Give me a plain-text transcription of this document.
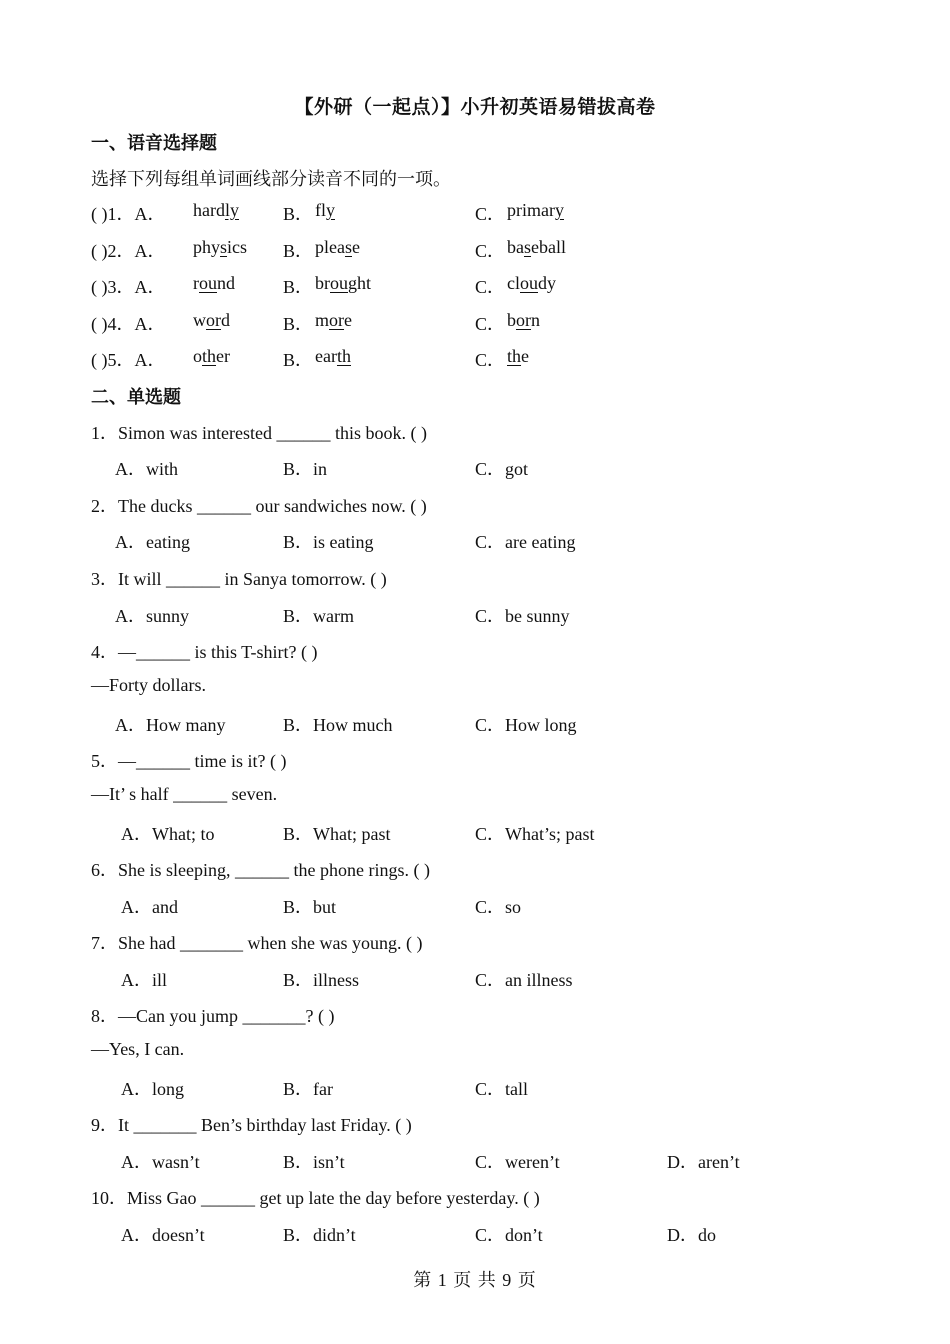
【外研（一起点）】小升初英语易错拔高卷
一、语音选择题
选择下列每组单词画线部分读音不同的一项。
( )1．A． hardly B． fly	C． primary
( )2．A． physics B． please	C． baseball
( )3．A． round	B． brought	C． cloudy
( )4．A． word	B． more	C． born
( )5．A． other	B． earth	C． the
二、单选题
1．Simon was interested ______ this book. ( )
A．with	B．in	C．got
2．The ducks ______ our sandwiches now. ( )
A．eating	B．is eating	C．are eating
3．It will ______ in Sanya tomorrow. ( )
A．sunny	B．warm	C．be sunny
4．—______ is this T-shirt? ( )
—Forty dollars.
A．How many	B．How much	C．How long
5．—______ time is it? ( )
—It’ s half ______ seven.
A．What; to	B．What; past	C．What’s; past
6．She is sleeping, ______ the phone rings. ( )
A．and	B．but	C．so
7．She had _______ when she was young. ( )
A．ill	B．illness	C．an illness
8．—Can you jump _______? ( )
—Yes, I can.
A．long	B．far	C．tall
9．It _______ Ben’s birthday last Friday. ( )
A．wasn’t	B．isn’t	C．weren’t	D．aren’t
10．Miss Gao ______ get up late the day before yesterday. ( )
A．doesn’t	B．didn’t	C．don’t	D．do
第 1 页 共 9 页
